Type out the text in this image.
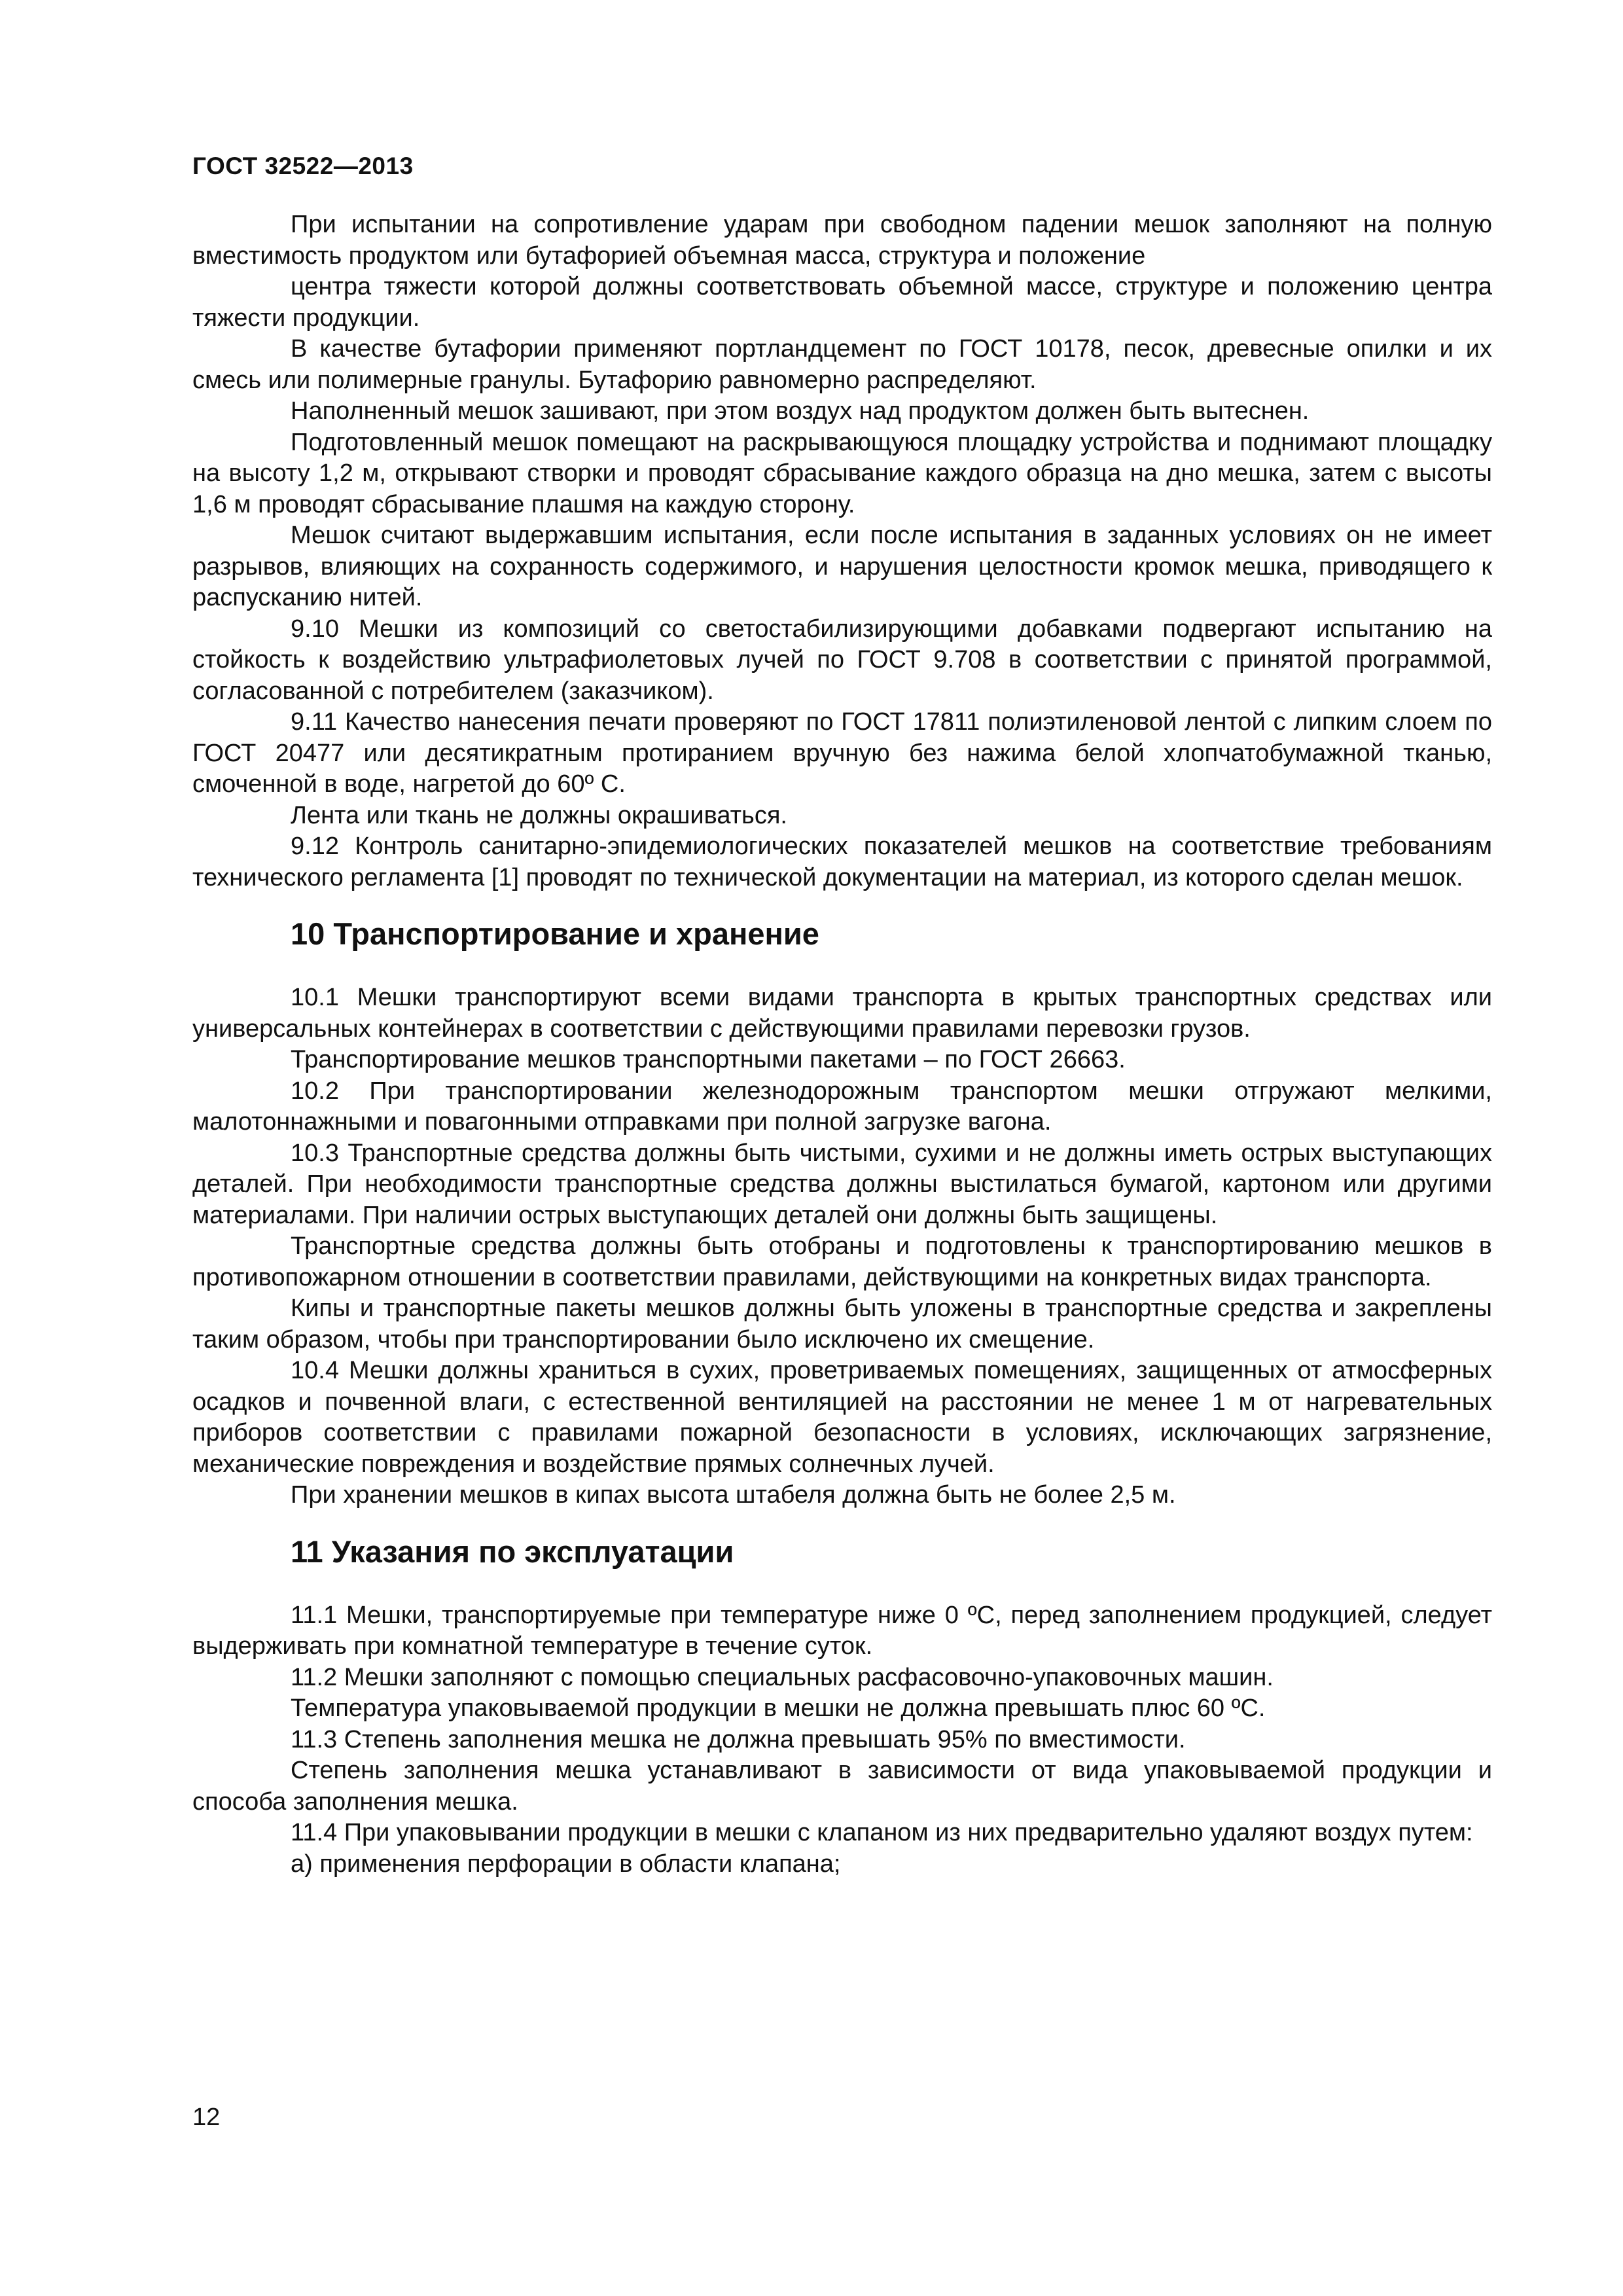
ГОСТ 32522—2013

При испытании на сопротивление ударам при свободном падении мешок заполняют на полную вместимость продуктом или бутафорией объемная масса, структура и положение

центра тяжести которой должны соответствовать объемной массе, структуре и положению центра тяжести продукции.

В качестве бутафории применяют портландцемент по ГОСТ 10178, песок, древесные опилки и их смесь или полимерные гранулы. Бутафорию равномерно распределяют.

Наполненный мешок зашивают, при этом воздух над продуктом должен быть вытеснен.

Подготовленный мешок помещают на раскрывающуюся площадку устройства и поднимают площадку на высоту 1,2 м, открывают створки и проводят сбрасывание каждого образца на дно мешка, затем с высоты 1,6 м проводят сбрасывание плашмя на каждую сторону.

Мешок считают выдержавшим испытания, если после испытания в заданных условиях он не имеет разрывов, влияющих на сохранность содержимого, и нарушения целостности кромок мешка, приводящего к распусканию нитей.

9.10 Мешки из композиций со светостабилизирующими добавками подвергают испытанию на стойкость к воздействию ультрафиолетовых лучей по ГОСТ 9.708 в соответствии с принятой программой, согласованной с потребителем (заказчиком).

9.11 Качество нанесения печати проверяют по ГОСТ 17811 полиэтиленовой лентой с липким слоем по ГОСТ 20477 или десятикратным протиранием вручную без нажима белой хлопчатобумажной тканью, смоченной в воде, нагретой до 60º С.

Лента или ткань не должны окрашиваться.

9.12 Контроль санитарно-эпидемиологических показателей мешков на соответствие требованиям технического регламента [1] проводят по технической документации на материал, из которого сделан мешок.

10 Транспортирование и хранение

10.1 Мешки транспортируют всеми видами транспорта в крытых транспортных средствах или универсальных контейнерах в соответствии с действующими правилами перевозки грузов.

Транспортирование мешков транспортными пакетами – по ГОСТ 26663.

10.2 При транспортировании железнодорожным транспортом мешки отгружают мелкими, малотоннажными и повагонными отправками при полной загрузке вагона.

10.3 Транспортные средства должны быть чистыми, сухими и не должны иметь острых выступающих деталей. При необходимости транспортные средства должны выстилаться бумагой, картоном или другими материалами. При наличии острых выступающих деталей они должны быть защищены.

Транспортные средства должны быть отобраны и подготовлены к транспортированию мешков в противопожарном отношении в соответствии правилами, действующими на конкретных видах транспорта.

Кипы и транспортные пакеты мешков должны быть уложены в транспортные средства и закреплены таким образом, чтобы при транспортировании было исключено их смещение.

10.4 Мешки должны храниться в сухих, проветриваемых помещениях, защищенных от атмосферных осадков и почвенной влаги, с естественной вентиляцией на расстоянии не менее 1 м от нагревательных приборов соответствии с правилами пожарной безопасности в условиях, исключающих загрязнение, механические повреждения и воздействие прямых солнечных лучей.

При хранении мешков в кипах высота штабеля должна быть не более 2,5 м.

11 Указания по эксплуатации

11.1 Мешки, транспортируемые при температуре ниже 0 ºС, перед заполнением продукцией, следует выдерживать при комнатной температуре в течение суток.

11.2 Мешки заполняют с помощью специальных расфасовочно-упаковочных машин.

Температура упаковываемой продукции в мешки не должна превышать плюс 60 ºС.

11.3 Степень заполнения мешка не должна превышать 95% по вместимости.

Степень заполнения мешка устанавливают в зависимости от вида упаковываемой продукции и способа заполнения мешка.

11.4 При упаковывании продукции в мешки с клапаном из них предварительно удаляют воздух путем:

а) применения перфорации в области клапана;

12
